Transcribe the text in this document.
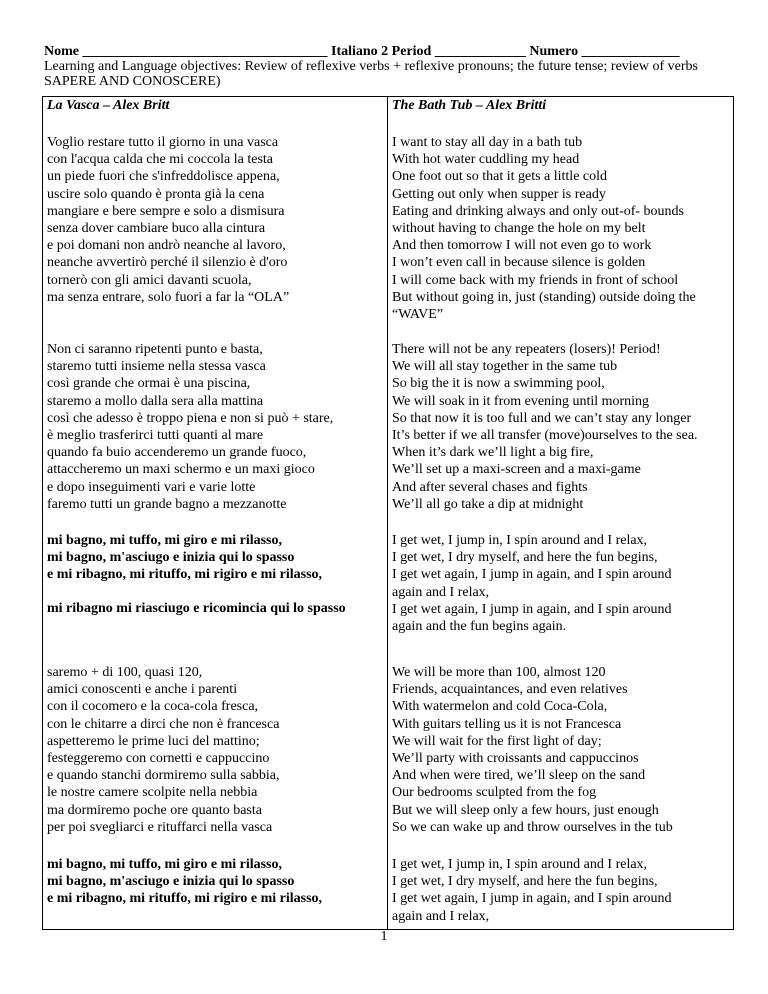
Nome ___________________________________ Italiano 2 Period _____________ Numero ______________

Learning and Language objectives: Review of reflexive verbs + reflexive pronouns; the future tense; review of verbs SAPERE AND CONOSCERE)

La Vasca – Alex Britt
Voglio restare tutto il giorno in una vasca
con l'acqua calda che mi coccola la testa
un piede fuori che s'infreddolisce appena,
uscire solo quando è pronta già la cena
mangiare e bere sempre e solo a dismisura
senza dover cambiare buco alla cintura
e poi domani non andrò neanche al lavoro,
neanche avvertirò perché il silenzio è d'oro
tornerò con gli amici davanti scuola,
ma senza entrare, solo fuori a far la “OLA”
Non ci saranno ripetenti punto e basta,
staremo tutti insieme nella stessa vasca
così grande che ormai è una piscina,
staremo a mollo dalla sera alla mattina
così che adesso è troppo piena e non si può + stare,
è meglio trasferirci tutti quanti al mare
quando fa buio accenderemo un grande fuoco,
attaccheremo un maxi schermo e un maxi gioco
e dopo inseguimenti vari e varie lotte
faremo tutti un grande bagno a mezzanotte
mi bagno, mi tuffo, mi giro e mi rilasso,
mi bagno, m'asciugo e inizia qui lo spasso
e mi ribagno, mi rituffo, mi rigiro e mi rilasso,
mi ribagno mi riasciugo e ricomincia qui lo spasso
saremo + di 100, quasi 120,
amici conoscenti e anche i parenti
con il cocomero e la coca-cola fresca,
con le chitarre a dirci che non è francesca
aspetteremo le prime luci del mattino;
festeggeremo con cornetti e cappuccino
e quando stanchi dormiremo sulla sabbia,
le nostre camere scolpite nella nebbia
ma dormiremo poche ore quanto basta
per poi svegliarci e rituffarci nella vasca
mi bagno, mi tuffo, mi giro e mi rilasso,
mi bagno, m'asciugo e inizia qui lo spasso
e mi ribagno, mi rituffo, mi rigiro e mi rilasso,
The Bath Tub – Alex Britti
I want to stay all day in a bath tub
With hot water cuddling my head
One foot out so that it gets a little cold
Getting out only when supper is ready
Eating and drinking always and only out-of- bounds
without having to change the hole on my belt
And then tomorrow I will not even go to work
I won’t even call in because silence is golden
I will come back with my friends in front of school
But without going in, just (standing) outside doing the
“WAVE”
There will not be any repeaters (losers)! Period!
We will all stay together in the same tub
So big the it is now a swimming pool,
We will soak in it from evening until morning
So that now it is too full and we can’t stay any longer
It’s better if we all transfer (move)ourselves to the sea.
When it’s dark we’ll light a big fire,
We’ll set up a maxi-screen and a maxi-game
And after several chases and fights
We’ll all go take a dip at midnight
I get wet, I jump in, I spin around and I relax,
I get wet, I dry myself, and here the fun begins,
I get wet again, I jump in again, and I spin around
again and I relax,
I get wet again, I jump in again, and I spin around
again and the fun begins again.
We will be more than 100, almost 120
Friends, acquaintances, and even relatives
With watermelon and cold Coca-Cola,
With guitars telling us it is not Francesca
We will wait for the first light of day;
We’ll party with croissants and cappuccinos
And when were tired, we’ll sleep on the sand
Our bedrooms sculpted from the fog
But we will sleep only a few hours, just enough
So we can wake up and throw ourselves in the tub
I get wet, I jump in, I spin around and I relax,
I get wet, I dry myself, and here the fun begins,
I get wet again, I jump in again, and I spin around
again and I relax,
1
